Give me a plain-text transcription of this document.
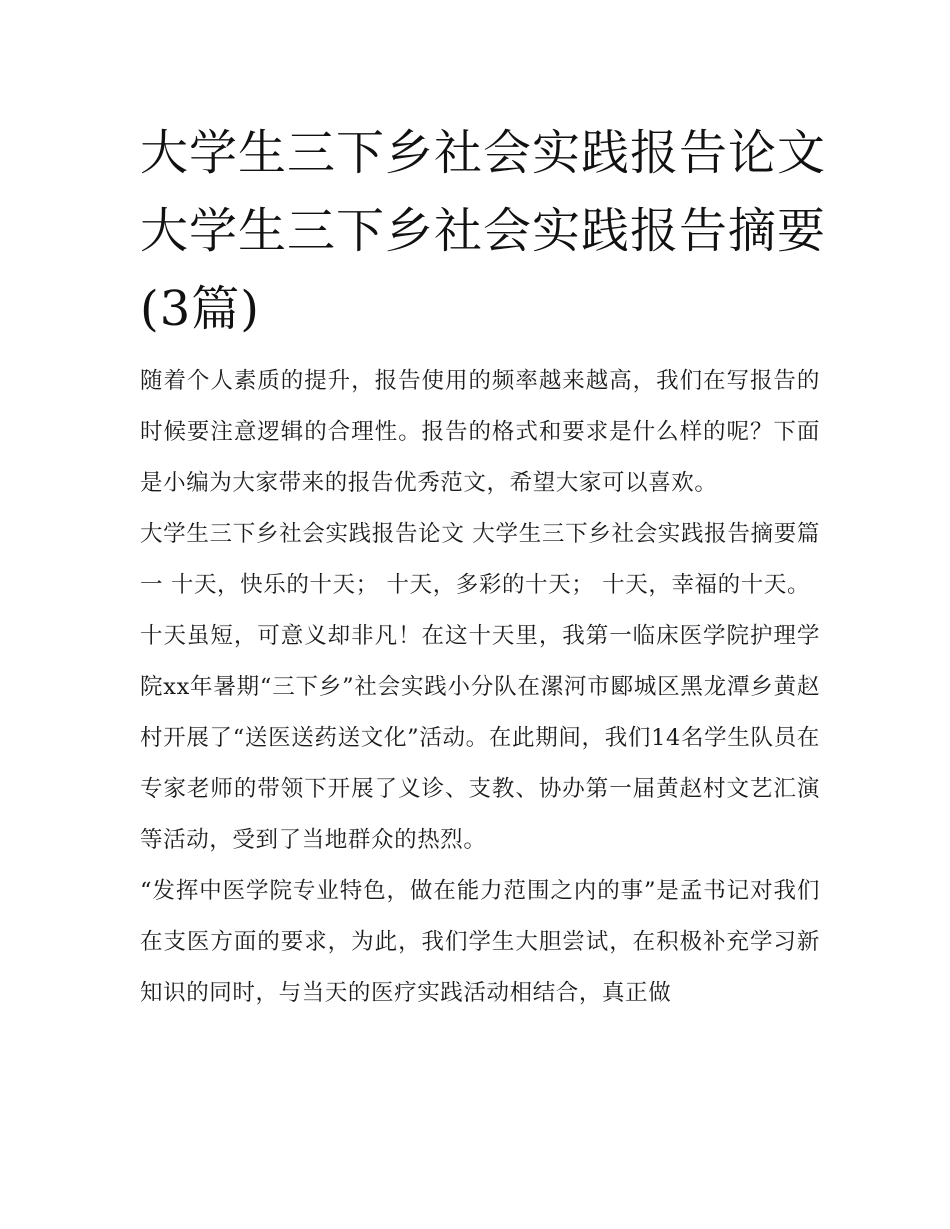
大学生三下乡社会实践报告论文 大学生三下乡社会实践报告摘要(3篇)

随着个人素质的提升，报告使用的频率越来越高，我们在写报告的时候要注意逻辑的合理性。报告的格式和要求是什么样的呢？下面是小编为大家带来的报告优秀范文，希望大家可以喜欢。

大学生三下乡社会实践报告论文 大学生三下乡社会实践报告摘要篇一 十天，快乐的十天； 十天，多彩的十天； 十天，幸福的十天。

十天虽短，可意义却非凡！在这十天里，我第一临床医学院护理学院xx年暑期“三下乡”社会实践小分队在漯河市郾城区黑龙潭乡黄赵村开展了“送医送药送文化”活动。在此期间，我们14名学生队员在专家老师的带领下开展了义诊、支教、协办第一届黄赵村文艺汇演等活动，受到了当地群众的热烈。

“发挥中医学院专业特色，做在能力范围之内的事”是孟书记对我们在支医方面的要求，为此，我们学生大胆尝试，在积极补充学习新知识的同时，与当天的医疗实践活动相结合，真正做
